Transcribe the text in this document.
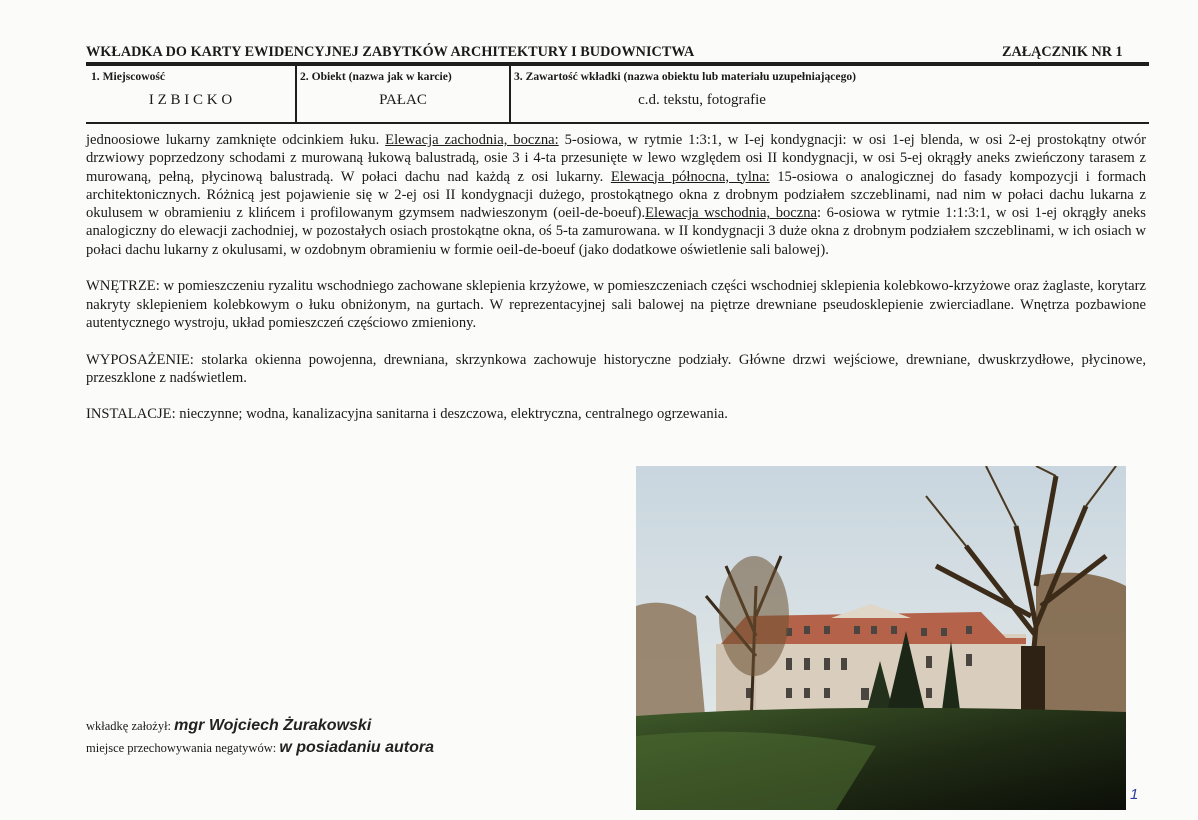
WKŁADKA DO KARTY EWIDENCYJNEJ ZABYTKÓW ARCHITEKTURY I BUDOWNICTWA	ZAŁĄCZNIK NR 1
1. Miejscowość
I Z B I C K O
2. Obiekt (nazwa jak w karcie)
PAŁAC
3. Zawartość wkładki (nazwa obiektu lub materiału uzupełniającego)
c.d. tekstu, fotografie

jednoosiowe lukarny zamknięte odcinkiem łuku. Elewacja zachodnia, boczna: 5-osiowa, w rytmie 1:3:1, w I-ej kondygnacji: w osi 1-ej blenda, w osi 2-ej prostokątny otwór drzwiowy poprzedzony schodami z murowaną łukową balustradą, osie 3 i 4-ta przesunięte w lewo względem osi II kondygnacji, w osi 5-ej okrągły aneks zwieńczony tarasem z murowaną, pełną, płycinową balustradą. W połaci dachu nad każdą z osi lukarny. Elewacja północna, tylna: 15-osiowa o analogicznej do fasady kompozycji i formach architektonicznych. Różnicą jest pojawienie się w 2-ej osi II kondygnacji dużego, prostokątnego okna z drobnym podziałem szczeblinami, nad nim w połaci dachu lukarna z okulusem w obramieniu z klińcem i profilowanym gzymsem nadwieszonym (oeil-de-boeuf).Elewacja wschodnia, boczna: 6-osiowa w rytmie 1:1:3:1, w osi 1-ej okrągły aneks analogiczny do elewacji zachodniej, w pozostałych osiach prostokątne okna, oś 5-ta zamurowana. w II kondygnacji 3 duże okna z drobnym podziałem szczeblinami, w ich osiach w połaci dachu lukarny z okulusami, w ozdobnym obramieniu w formie oeil-de-boeuf (jako dodatkowe oświetlenie sali balowej).

WNĘTRZE: w pomieszczeniu ryzalitu wschodniego zachowane sklepienia krzyżowe, w pomieszczeniach części wschodniej sklepienia kolebkowo-krzyżowe oraz żaglaste, korytarz nakryty sklepieniem kolebkowym o łuku obniżonym, na gurtach. W reprezentacyjnej sali balowej na piętrze drewniane pseudosklepienie zwierciadlane. Wnętrza pozbawione autentycznego wystroju, układ pomieszczeń częściowo zmieniony.

WYPOSAŻENIE: stolarka okienna powojenna, drewniana, skrzynkowa zachowuje historyczne podziały. Główne drzwi wejściowe, drewniane, dwuskrzydłowe, płycinowe, przeszklone z nadświetlem.

INSTALACJE: nieczynne; wodna, kanalizacyjna sanitarna i deszczowa, elektryczna, centralnego ogrzewania.

1
wkładkę założył: mgr Wojciech Żurakowski
miejsce przechowywania negatywów: w posiadaniu autora
